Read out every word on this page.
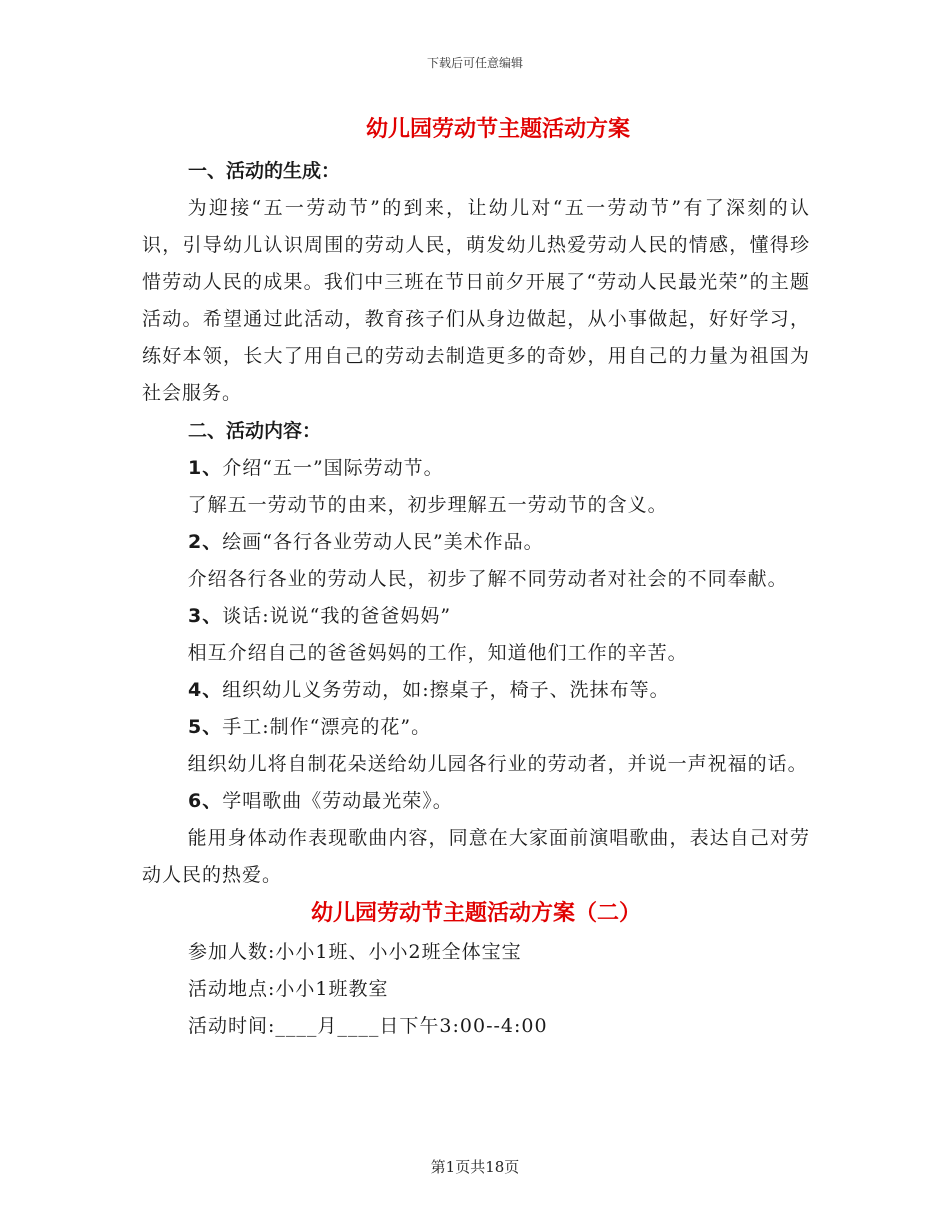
下载后可任意编辑
幼儿园劳动节主题活动方案

一、活动的生成：

为迎接“五一劳动节”的到来，让幼儿对“五一劳动节”有了深刻的认识，引导幼儿认识周围的劳动人民，萌发幼儿热爱劳动人民的情感，懂得珍惜劳动人民的成果。我们中三班在节日前夕开展了“劳动人民最光荣”的主题活动。希望通过此活动，教育孩子们从身边做起，从小事做起，好好学习，练好本领，长大了用自己的劳动去制造更多的奇妙，用自己的力量为祖国为社会服务。

二、活动内容：

1、介绍“五一”国际劳动节。

了解五一劳动节的由来，初步理解五一劳动节的含义。

2、绘画“各行各业劳动人民”美术作品。

介绍各行各业的劳动人民，初步了解不同劳动者对社会的不同奉献。

3、谈话:说说“我的爸爸妈妈”

相互介绍自己的爸爸妈妈的工作，知道他们工作的辛苦。

4、组织幼儿义务劳动，如:擦桌子，椅子、洗抹布等。

5、手工:制作“漂亮的花”。

组织幼儿将自制花朵送给幼儿园各行业的劳动者，并说一声祝福的话。

6、学唱歌曲《劳动最光荣》。

能用身体动作表现歌曲内容，同意在大家面前演唱歌曲，表达自己对劳动人民的热爱。

幼儿园劳动节主题活动方案（二）

参加人数:小小1班、小小2班全体宝宝

活动地点:小小1班教室

活动时间:____月____日下午3:00--4:00

第1页共18页
